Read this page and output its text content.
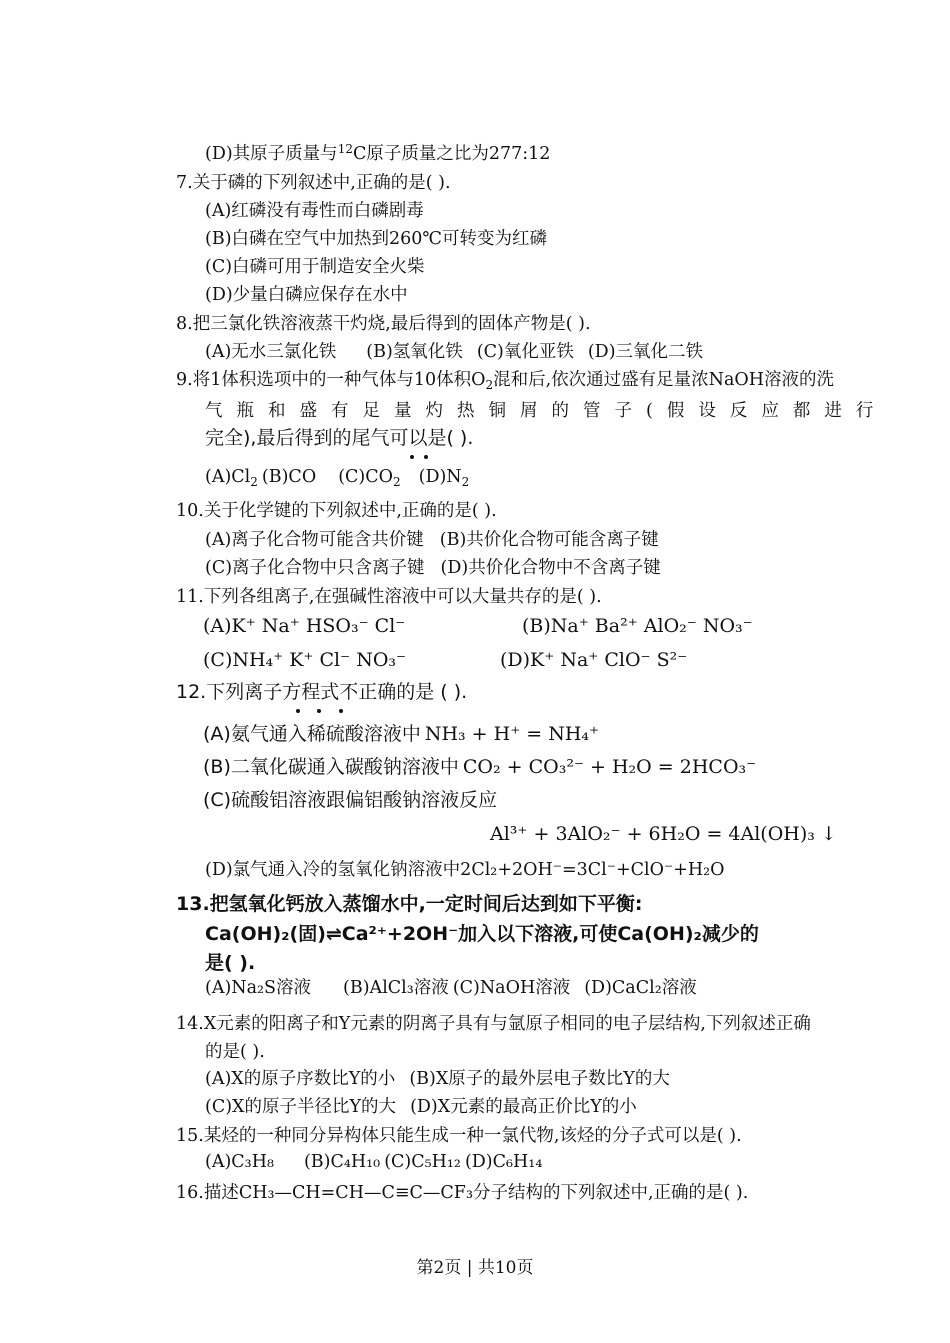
(D)其原子质量与$^{12}$C原子质量之比为277:12
7.关于磷的下列叙述中,正确的是( ).
(A)红磷没有毒性而白磷剧毒
(B)白磷在空气中加热到260℃可转变为红磷
(C)白磷可用于制造安全火柴
(D)少量白磷应保存在水中
8.把三氯化铁溶液蒸干灼烧,最后得到的固体产物是( ).
(A)无水三氯化铁 (B)氢氧化铁 (C)氧化亚铁 (D)三氧化二铁
9.将1体积选项中的一种气体与10体积$O_2$混和后,依次通过盛有足量浓NaOH溶液的洗
气瓶和盛有足量灼热铜屑的管子(假设反应都进行
完全),最后得到的尾气可以是( ).
$(A)Cl_2$ (B)CO $(C)CO_2$ $(D)N_2$
10.关于化学键的下列叙述中,正确的是( ).
(A)离子化合物可能含共价键 (B)共价化合物可能含离子键
(C)离子化合物中只含离子键 (D)共价化合物中不含离子键
11.下列各组离子,在强碱性溶液中可以大量共存的是( ).
(A)K⁺ Na⁺ HSO₃⁻ Cl⁻	(B)Na⁺ Ba²⁺ AlO₂⁻ NO₃⁻
(C)NH₄⁺ K⁺ Cl⁻ NO₃⁻	(D)K⁺ Na⁺ ClO⁻ S²⁻
12.下列离子方程式不正确的是 ( ).
(A)氨气通入稀硫酸溶液中 NH₃ + H⁺ = NH₄⁺
(B)二氧化碳通入碳酸钠溶液中 CO₂ + CO₃²⁻ + H₂O = 2HCO₃⁻
(C)硫酸铝溶液跟偏铝酸钠溶液反应
Al³⁺ + 3AlO₂⁻ + 6H₂O = 4Al(OH)₃ ↓
(D)氯气通入冷的氢氧化钠溶液中2Cl₂+2OH⁻=3Cl⁻+ClO⁻+H₂O
13.把氢氧化钙放入蒸馏水中,一定时间后达到如下平衡:
Ca(OH)₂(固)⇌Ca²⁺+2OH⁻加入以下溶液,可使Ca(OH)₂减少的
是( ).
(A)Na₂S溶液 (B)AlCl₃溶液 (C)NaOH溶液 (D)CaCl₂溶液
14.X元素的阳离子和Y元素的阴离子具有与氩原子相同的电子层结构,下列叙述正确
的是( ).
(A)X的原子序数比Y的小 (B)X原子的最外层电子数比Y的大
(C)X的原子半径比Y的大 (D)X元素的最高正价比Y的小
15.某烃的一种同分异构体只能生成一种一氯代物,该烃的分子式可以是( ).
(A)C₃H₈ (B)C₄H₁₀ (C)C₅H₁₂ (D)C₆H₁₄
16.描述CH₃—CH=CH—C≡C—CF₃分子结构的下列叙述中,正确的是( ).
第2页 | 共10页
